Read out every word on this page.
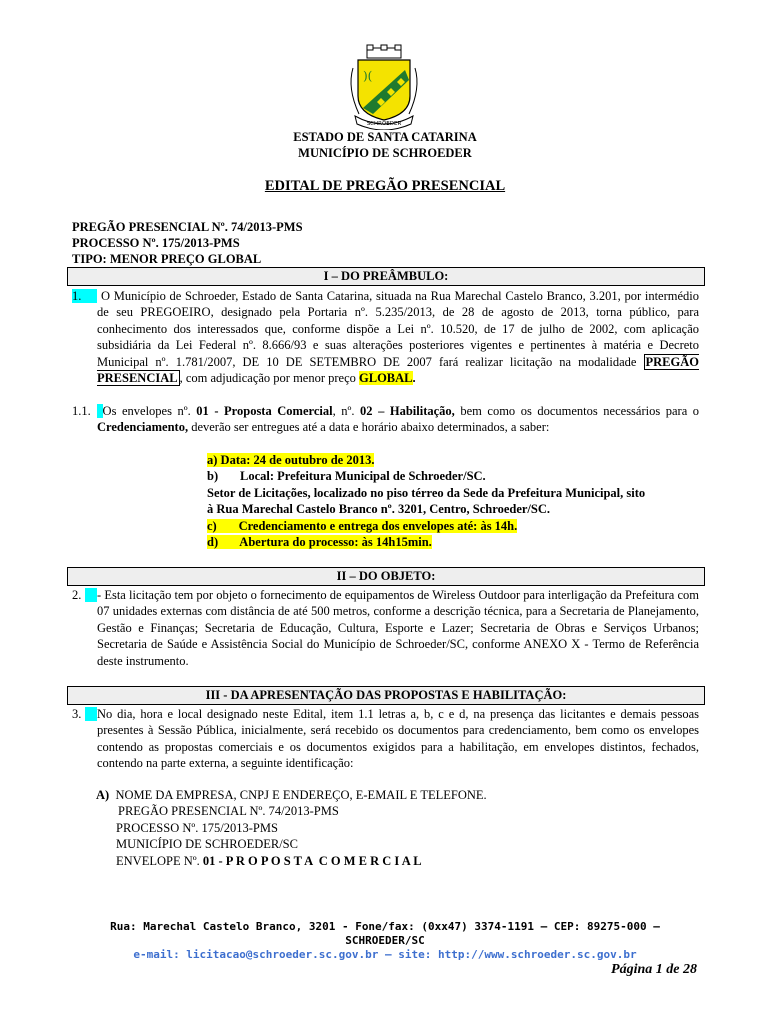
)(
SCHROEDER
ESTADO DE SANTA CATARINA
MUNICÍPIO DE SCHROEDER
EDITAL DE PREGÃO PRESENCIAL
PREGÃO PRESENCIAL Nº. 74/2013-PMS
PROCESSO Nº. 175/2013-PMS
TIPO: MENOR PREÇO GLOBAL
I – DO PREÂMBULO:
1.	O Município de Schroeder, Estado de Santa Catarina, situada na Rua Marechal Castelo Branco, 3.201, por intermédio de seu PREGOEIRO, designado pela Portaria nº. 5.235/2013, de 28 de agosto de 2013, torna público, para conhecimento dos interessados que, conforme dispõe a Lei nº. 10.520, de 17 de julho de 2002, com aplicação subsidiária da Lei Federal nº. 8.666/93 e suas alterações posteriores vigentes e pertinentes à matéria e Decreto Municipal nº. 1.781/2007, DE 10 DE SETEMBRO DE 2007 fará realizar licitação na modalidade PREGÃO PRESENCIAL , com adjudicação por menor preço GLOBAL.
1.1. Os envelopes nº. 01 - Proposta Comercial, nº. 02 – Habilitação, bem como os documentos necessários para o Credenciamento, deverão ser entregues até a data e horário abaixo determinados, a saber:
a) Data: 24 de outubro de 2013.
b)       Local: Prefeitura Municipal de Schroeder/SC.
Setor de Licitações, localizado no piso térreo da Sede da Prefeitura Municipal, sito
à Rua Marechal Castelo Branco nº. 3201, Centro, Schroeder/SC.
c)       Credenciamento e entrega dos envelopes até: às 14h.
d)       Abertura do processo: às 14h15min.
II – DO OBJETO:
2.	- Esta licitação tem por objeto o fornecimento de equipamentos de Wireless Outdoor para interligação da Prefeitura com 07 unidades externas com distância de até 500 metros, conforme a descrição técnica, para a Secretaria de Planejamento, Gestão e Finanças; Secretaria de Educação, Cultura, Esporte e Lazer; Secretaria de Obras e Serviços Urbanos; Secretaria de Saúde e Assistência Social do Município de Schroeder/SC, conforme ANEXO X - Termo de Referência deste instrumento.
III - DA APRESENTAÇÃO DAS PROPOSTAS E HABILITAÇÃO:
3.	No dia, hora e local designado neste Edital, item 1.1 letras a, b, c e d, na presença das licitantes e demais pessoas presentes à Sessão Pública, inicialmente, será recebido os documentos para credenciamento, bem como os envelopes contendo as propostas comerciais e os documentos exigidos para a habilitação, em envelopes distintos, fechados, contendo na parte externa, a seguinte identificação:
A) NOME DA EMPRESA, CNPJ E ENDEREÇO, E-EMAIL E TELEFONE.
PREGÃO PRESENCIAL Nº. 74/2013-PMS
PROCESSO Nº. 175/2013-PMS
MUNICÍPIO DE SCHROEDER/SC
ENVELOPE Nº. 01 - P R O P O S T A  C O M E R C I A L
Rua: Marechal Castelo Branco, 3201 - Fone/fax: (0xx47) 3374-1191 – CEP: 89275-000 –
SCHROEDER/SC
e-mail: licitacao@schroeder.sc.gov.br – site: http://www.schroeder.sc.gov.br
Página 1 de 28
